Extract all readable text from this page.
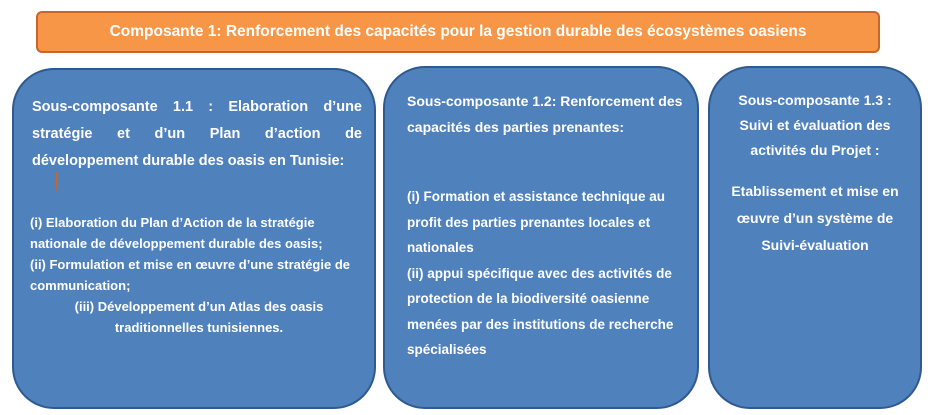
Composante 1: Renforcement des capacités pour la gestion durable des écosystèmes oasiens
Sous-composante 1.1 : Elaboration d’une stratégie et d’un Plan d’action de développement durable des oasis en Tunisie:

(i) Elaboration du Plan d’Action de la stratégie nationale de développement durable des oasis;

(ii) Formulation et mise en œuvre d’une stratégie de communication;

(iii) Développement d’un Atlas des oasis traditionnelles tunisiennes.

Sous-composante 1.2: Renforcement des capacités des parties prenantes:

(i) Formation et assistance technique au profit des parties prenantes locales et nationales

(ii) appui spécifique avec des activités de protection de la biodiversité oasienne menées par des institutions de recherche spécialisées

Sous-composante 1.3 : Suivi et évaluation des activités du Projet :

Etablissement et mise en œuvre d’un système de Suivi-évaluation
